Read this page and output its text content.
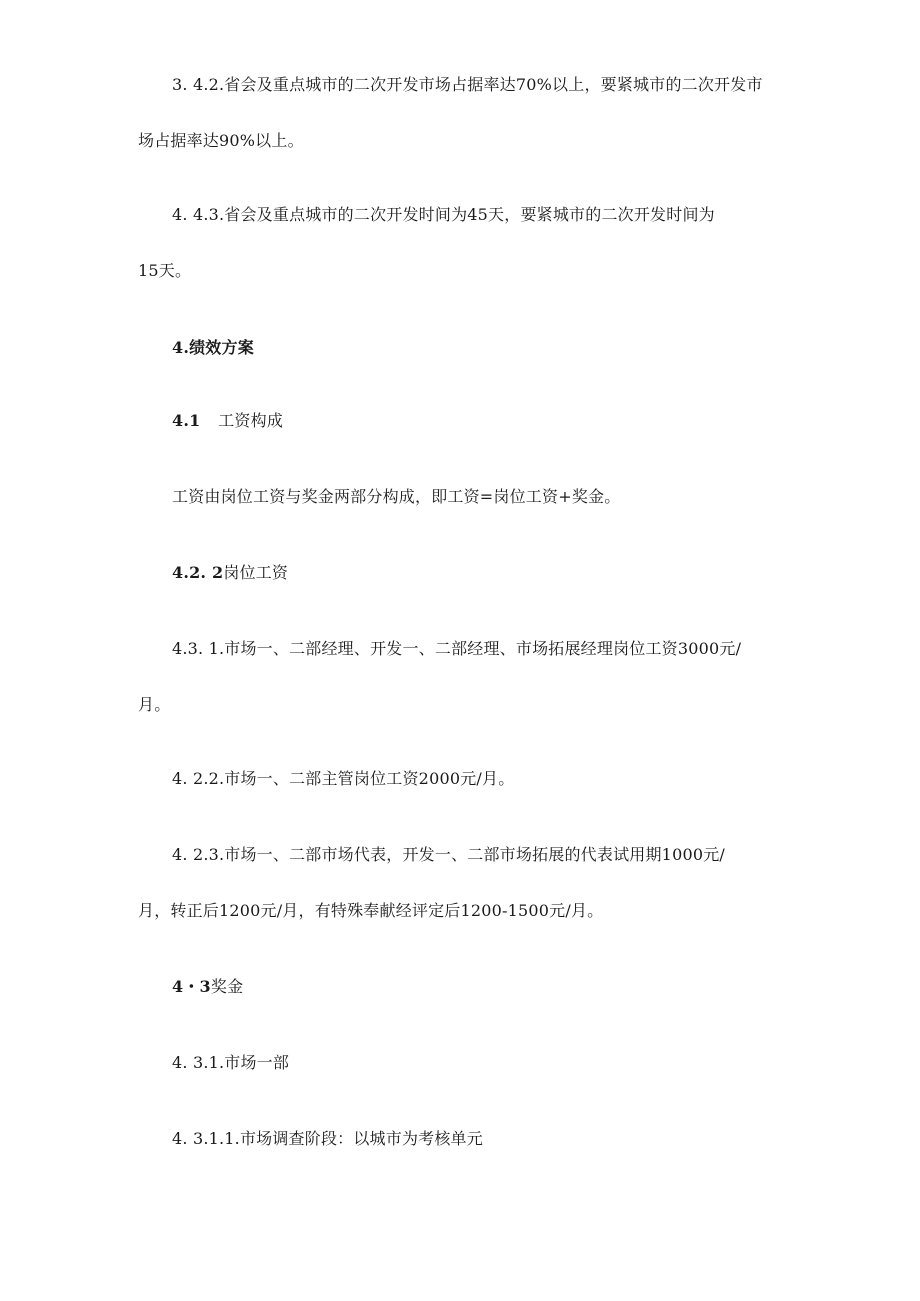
3. 4.2.省会及重点城市的二次开发市场占据率达70%以上，要紧城市的二次开发市
场占据率达90%以上。
4. 4.3.省会及重点城市的二次开发时间为45天，要紧城市的二次开发时间为
15天。
4.绩效方案
4.1 工资构成
工资由岗位工资与奖金两部分构成，即工资=岗位工资+奖金。
4.2. 2岗位工资
4.3. 1.市场一、二部经理、开发一、二部经理、市场拓展经理岗位工资3000元/
月。
4. 2.2.市场一、二部主管岗位工资2000元/月。
4. 2.3.市场一、二部市场代表，开发一、二部市场拓展的代表试用期1000元/
月，转正后1200元/月，有特殊奉献经评定后1200-1500元/月。
4・3奖金
4. 3.1.市场一部
4. 3.1.1.市场调查阶段：以城市为考核单元
